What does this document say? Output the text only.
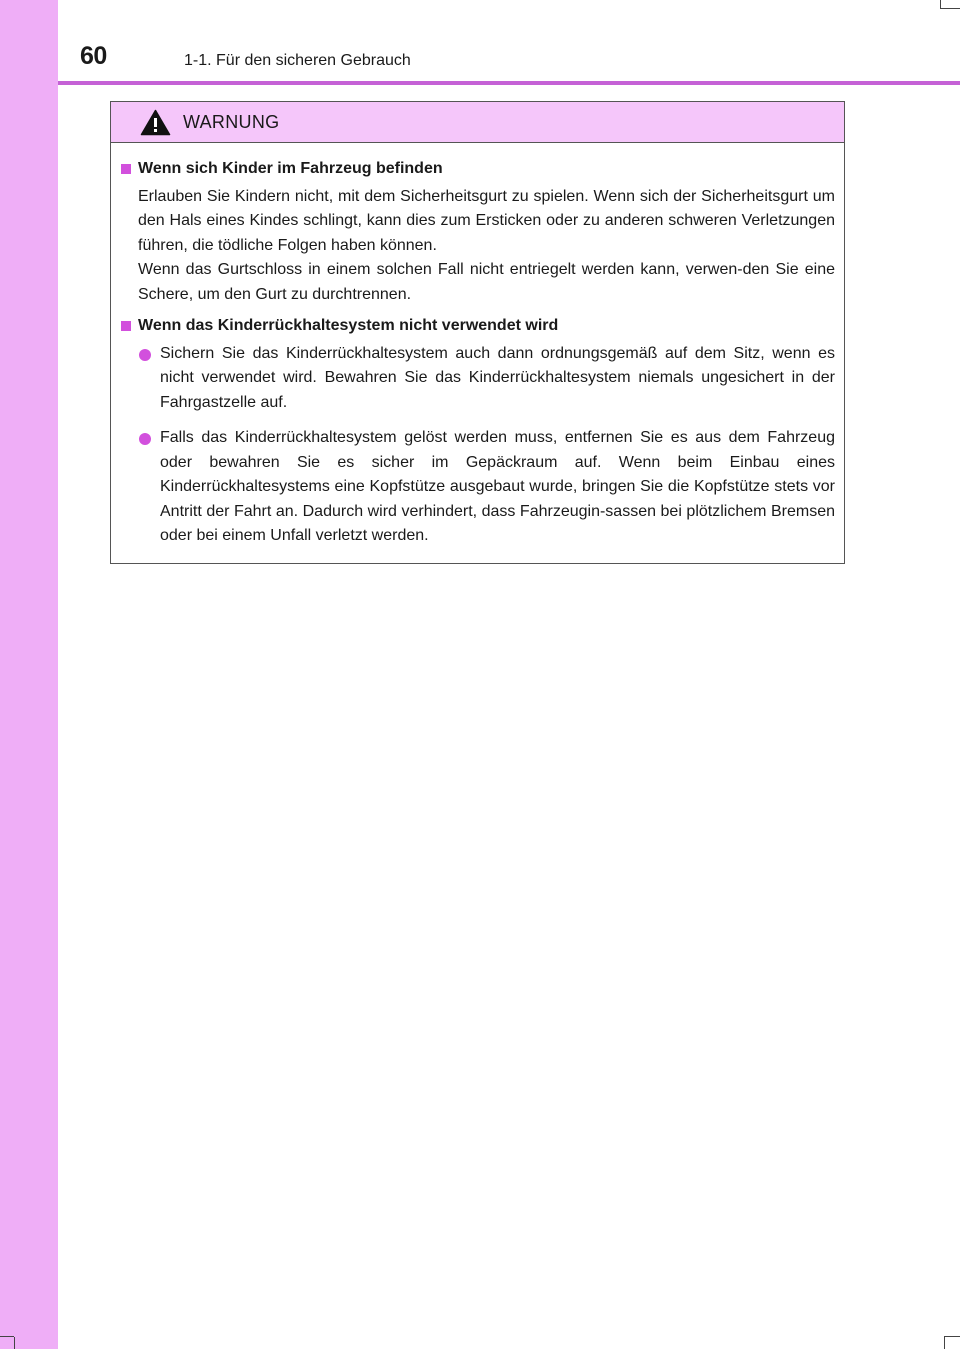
60	1-1. Für den sicheren Gebrauch
WARNUNG
Wenn sich Kinder im Fahrzeug befinden

Erlauben Sie Kindern nicht, mit dem Sicherheitsgurt zu spielen. Wenn sich der Sicherheitsgurt um den Hals eines Kindes schlingt, kann dies zum Ersticken oder zu anderen schweren Verletzungen führen, die tödliche Folgen haben können.

Wenn das Gurtschloss in einem solchen Fall nicht entriegelt werden kann, verwen-den Sie eine Schere, um den Gurt zu durchtrennen.

Wenn das Kinderrückhaltesystem nicht verwendet wird
Sichern Sie das Kinderrückhaltesystem auch dann ordnungsgemäß auf dem Sitz, wenn es nicht verwendet wird. Bewahren Sie das Kinderrückhaltesystem niemals ungesichert in der Fahrgastzelle auf.
Falls das Kinderrückhaltesystem gelöst werden muss, entfernen Sie es aus dem Fahrzeug oder bewahren Sie es sicher im Gepäckraum auf. Wenn beim Einbau eines Kinderrückhaltesystems eine Kopfstütze ausgebaut wurde, bringen Sie die Kopfstütze stets vor Antritt der Fahrt an. Dadurch wird verhindert, dass Fahrzeugin-sassen bei plötzlichem Bremsen oder bei einem Unfall verletzt werden.
